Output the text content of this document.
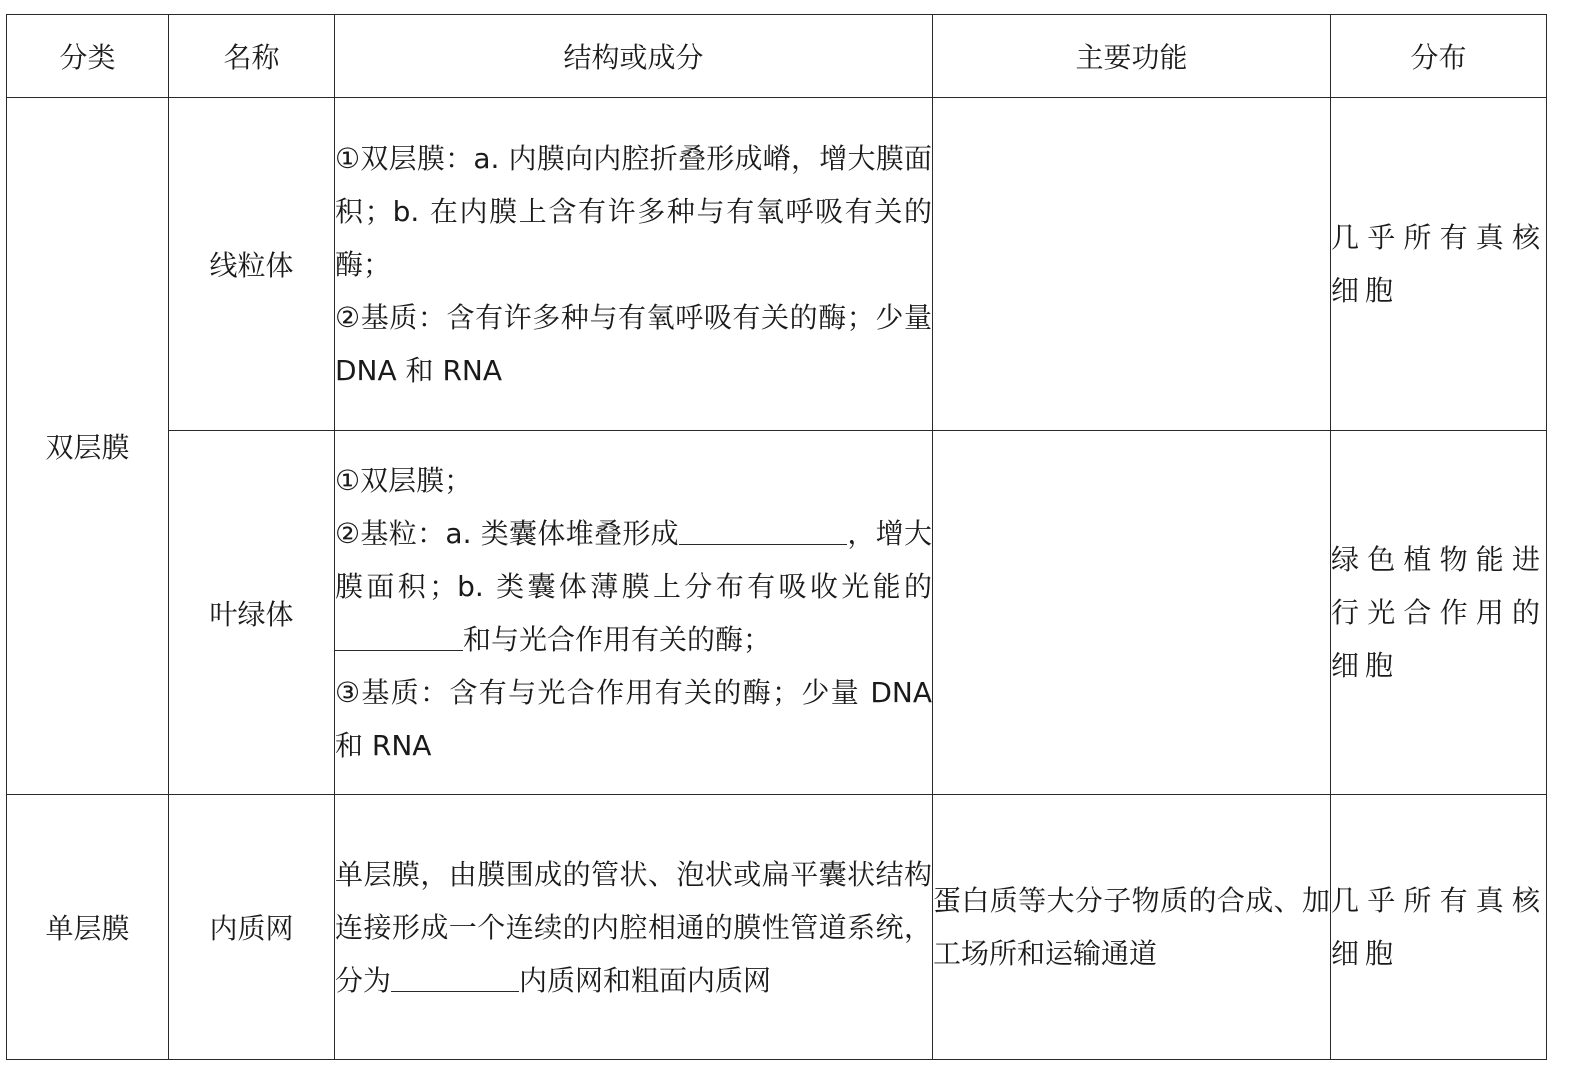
分类	名称	结构或成分	主要功能	分布
双层膜	线粒体	①双层膜：a. 内膜向内腔折叠形成嵴，增大膜面积；b. 在内膜上含有许多种与有氧呼吸有关的酶；
②基质：含有许多种与有氧呼吸有关的酶；少量 DNA 和 RNA		几乎所有真核细胞
	叶绿体	①双层膜；
②基粒：a. 类囊体堆叠形成 ，增大膜面积；b. 类囊体薄膜上分布有吸收光能的和与光合作用有关的酶；
③基质：含有与光合作用有关的酶；少量 DNA 和 RNA		绿色植物能进行光合作用的细胞
单层膜	内质网	单层膜，由膜围成的管状、泡状或扁平囊状结构连接形成一个连续的内腔相通的膜性管道系统，分为 内质网和粗面内质网	蛋白质等大分子物质的合成、加工场所和运输通道	几乎所有真核细胞
